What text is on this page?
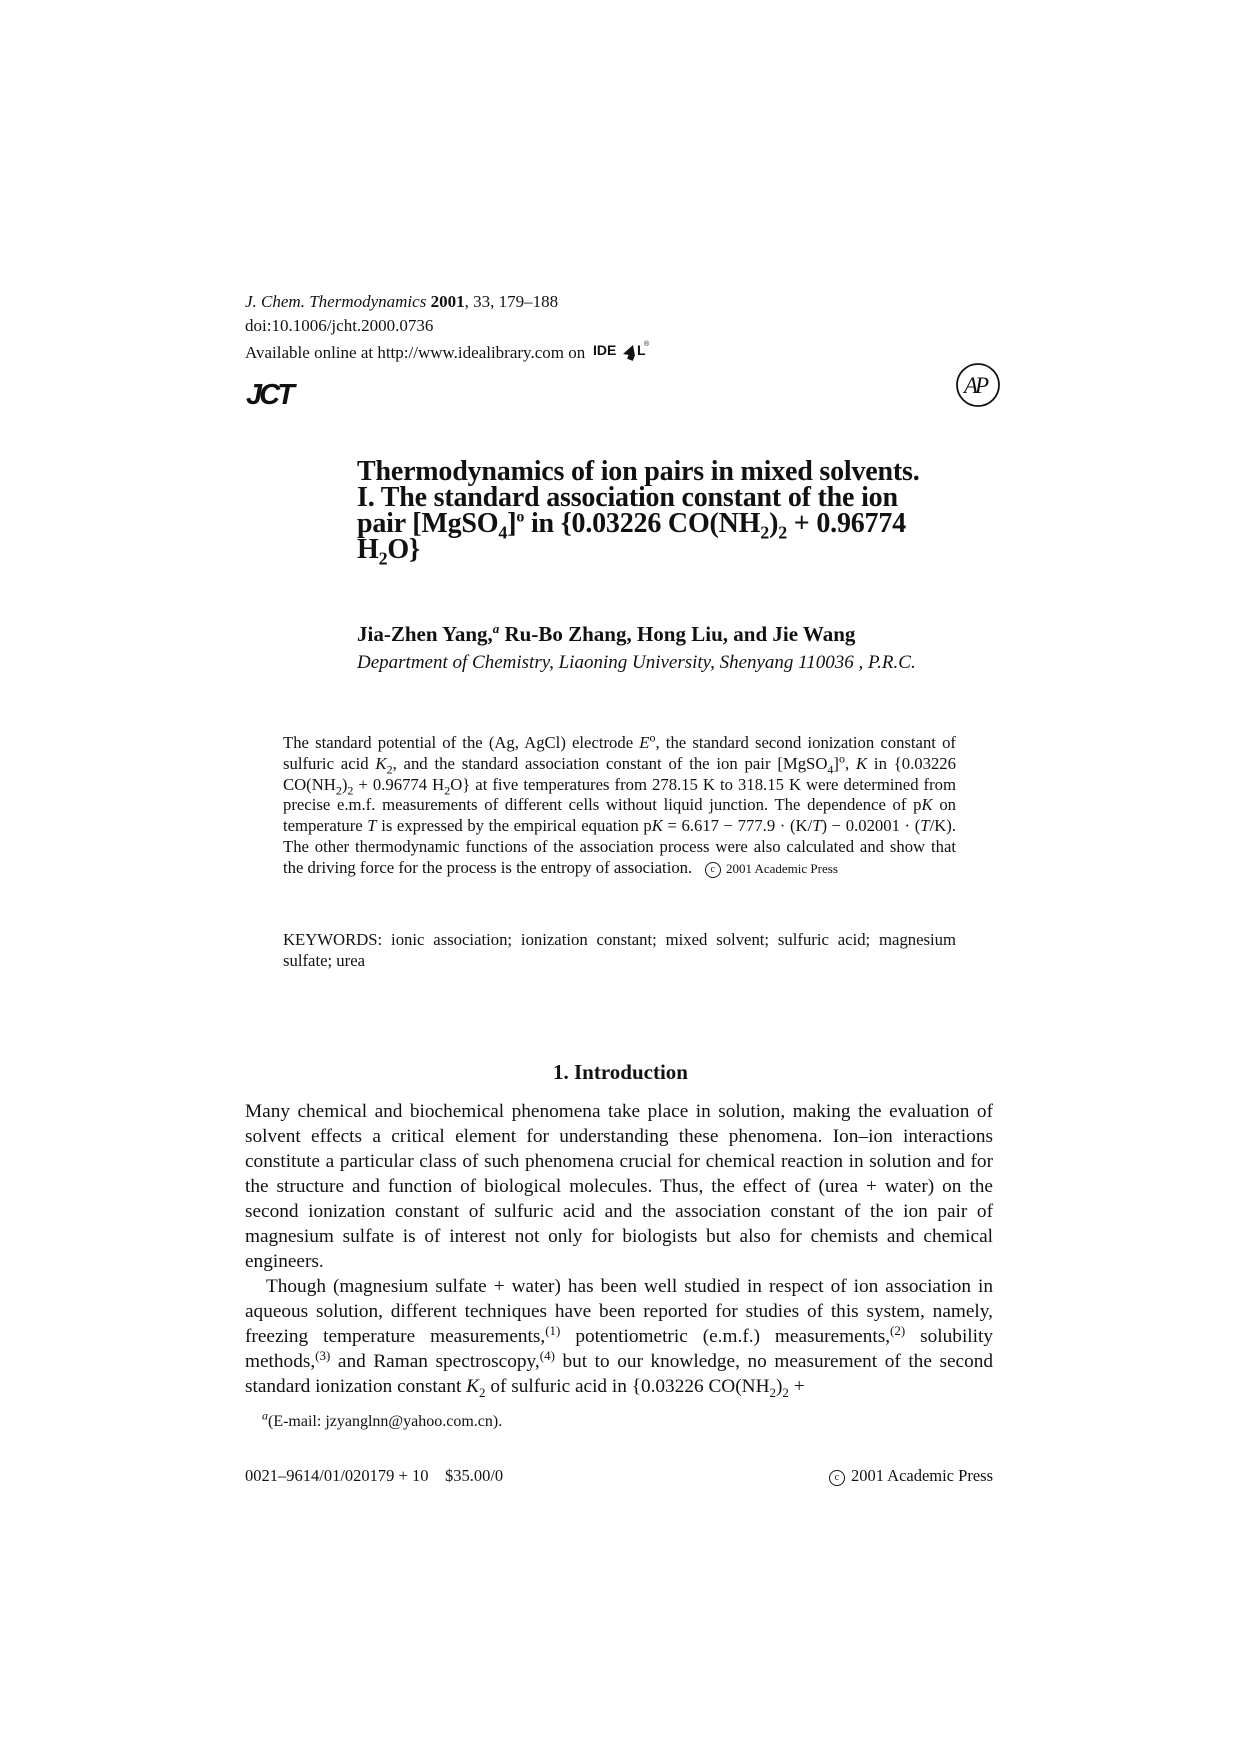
J. Chem. Thermodynamics 2001, 33, 179–188
doi:10.1006/jcht.2000.0736
Available online at http://www.idealibrary.com on IDE L
®
JCT	A
P
Thermodynamics of ion pairs in mixed solvents.
I. The standard association constant of the ion
pair [MgSO$_4$]$^o$ in {0.03226 $CO(NH_2)_2 + 0.96774$
$H_2O$}
Jia-Zhen Yang,$^a$ Ru-Bo Zhang, Hong Liu, and Jie Wang
Department of Chemistry, Liaoning University, Shenyang 110036 , P.R.C.
The standard potential of the (Ag, AgCl) electrode $E^o$, the standard second ionization constant of sulfuric acid $K_2$, and the standard association constant of the ion pair [MgSO$_4$]$^o$, K in {0.03226 $CO(NH_2)_2 + 0.96774$ $H_2O$} at five temperatures from 278.15 K to 318.15 K were determined from precise e.m.f. measurements of different cells without liquid junction. The dependence of pK on temperature T is expressed by the empirical equation pK = 6.617 − 777.9 · (K/T) − 0.02001 · (T/K). The other thermodynamic functions of the association process were also calculated and show that the driving force for the process is the entropy of association. c 2001 Academic Press
KEYWORDS: ionic association; ionization constant; mixed solvent; sulfuric acid; magnesium sulfate; urea
1. Introduction

Many chemical and biochemical phenomena take place in solution, making the evaluation of solvent effects a critical element for understanding these phenomena. Ion–ion interactions constitute a particular class of such phenomena crucial for chemical reaction in solution and for the structure and function of biological molecules. Thus, the effect of (urea + water) on the second ionization constant of sulfuric acid and the association constant of the ion pair of magnesium sulfate is of interest not only for biologists but also for chemists and chemical engineers.

Though (magnesium sulfate + water) has been well studied in respect of ion association in aqueous solution, different techniques have been reported for studies of this system, namely, freezing temperature measurements,$^{(1)}$ potentiometric (e.m.f.) measurements,$^{(2)}$ solubility methods,$^{(3)}$ and Raman spectroscopy,$^{(4)}$ but to our knowledge, no measurement of the second standard ionization constant $K_2$ of sulfuric acid in {0.03226 $CO(NH_2)_2$ +

$^a$(E-mail: jzyanglnn@yahoo.com.cn).
0021–9614/01/020179 + 10    $35.00/0	c 2001 Academic Press
